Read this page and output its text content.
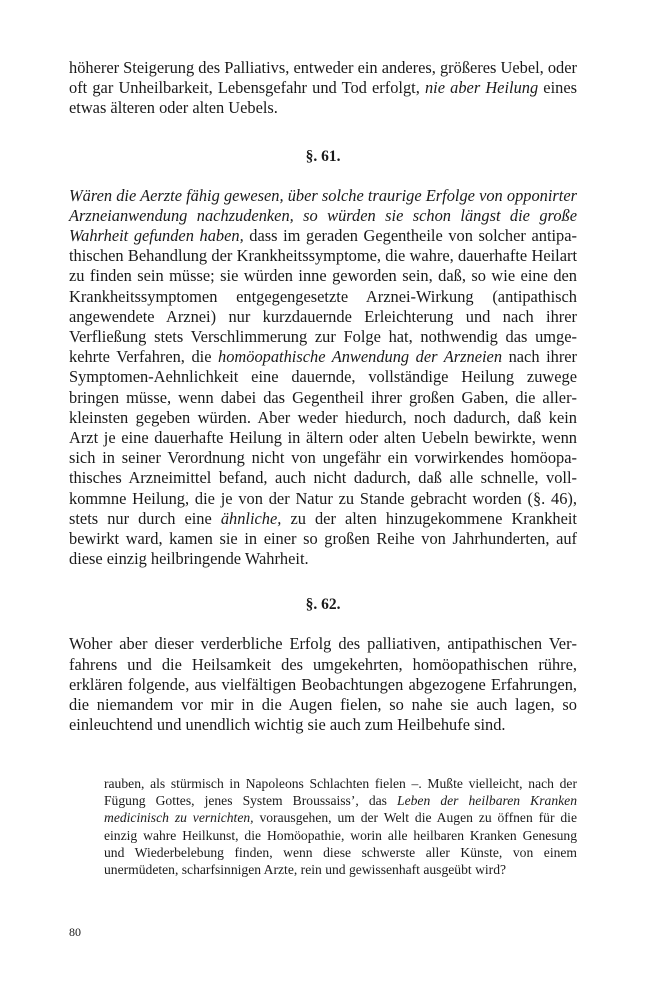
höherer Steigerung des Palliativs, entweder ein anderes, größeres Uebel, oder oft gar Unheilbarkeit, Lebensgefahr und Tod erfolgt, nie aber Heilung eines etwas älteren oder alten Uebels.

§. 61.

Wären die Aerzte fähig gewesen, über solche traurige Erfolge von opponirter Arzneianwendung nachzudenken, so würden sie schon längst die große Wahrheit gefunden haben, dass im geraden Gegentheile von solcher antipathischen Behandlung der Krankheitssymptome, die wahre, dauerhafte Heilart zu finden sein müsse; sie würden inne geworden sein, daß, so wie eine den Krankheitssymptomen entgegengesetzte Arznei-Wirkung (antipathisch angewendete Arznei) nur kurzdauernde Erleichterung und nach ihrer Verfließung stets Verschlimmerung zur Folge hat, nothwendig das umgekehrte Verfahren, die homöopathische Anwendung der Arzneien nach ihrer Symptomen-Aehnlichkeit eine dauernde, vollständige Heilung zuwege bringen müsse, wenn dabei das Gegentheil ihrer großen Gaben, die allerkleinsten gegeben würden. Aber weder hiedurch, noch dadurch, daß kein Arzt je eine dauerhafte Heilung in ältern oder alten Uebeln bewirkte, wenn sich in seiner Verordnung nicht von ungefähr ein vorwirkendes homöopathisches Arzneimittel befand, auch nicht dadurch, daß alle schnelle, vollkommne Heilung, die je von der Natur zu Stande gebracht worden (§. 46), stets nur durch eine ähnliche, zu der alten hinzugekommene Krankheit bewirkt ward, kamen sie in einer so großen Reihe von Jahrhunderten, auf diese einzig heilbringende Wahrheit.

§. 62.

Woher aber dieser verderbliche Erfolg des palliativen, antipathischen Verfahrens und die Heilsamkeit des umgekehrten, homöopathischen rühre, erklären folgende, aus vielfältigen Beobachtungen abgezogene Erfahrungen, die niemandem vor mir in die Augen fielen, so nahe sie auch lagen, so einleuchtend und unendlich wichtig sie auch zum Heilbehufe sind.

rauben, als stürmisch in Napoleons Schlachten fielen –. Mußte vielleicht, nach der Fügung Gottes, jenes System Broussaiss’, das Leben der heilbaren Kranken medicinisch zu vernichten, vorausgehen, um der Welt die Augen zu öffnen für die einzig wahre Heilkunst, die Homöopathie, worin alle heilbaren Kranken Genesung und Wiederbelebung finden, wenn diese schwerste aller Künste, von einem unermüdeten, scharfsinnigen Arzte, rein und gewissenhaft ausgeübt wird?

80
